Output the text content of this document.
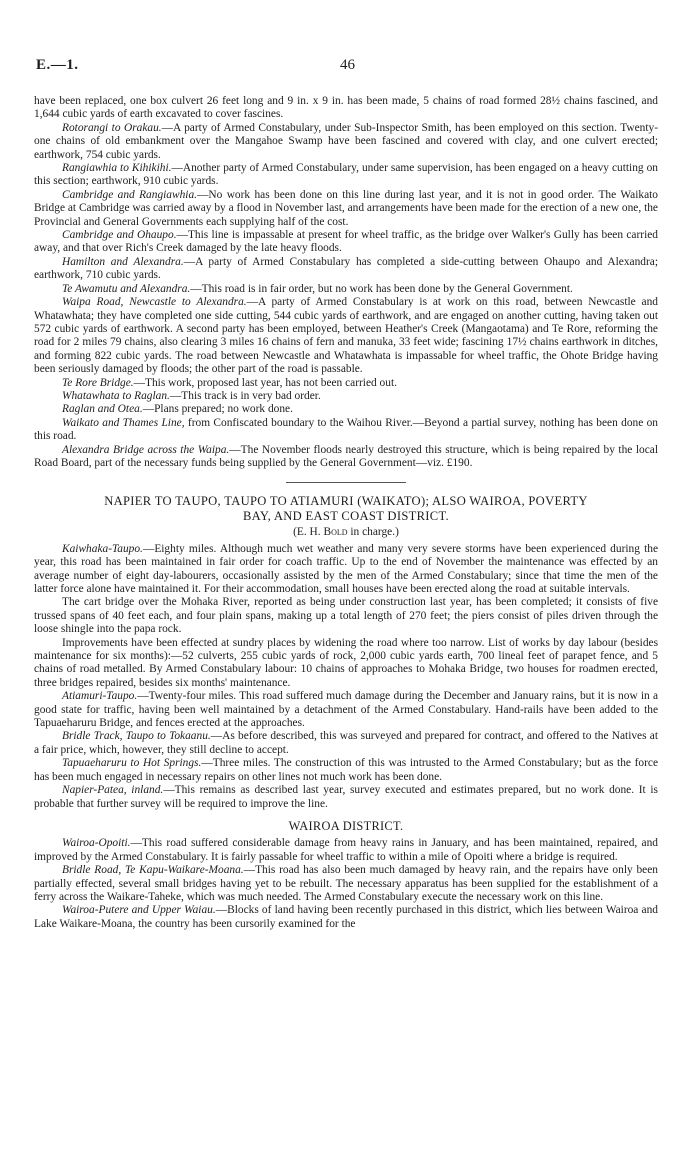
E.—1.	46

have been replaced, one box culvert 26 feet long and 9 in. x 9 in. has been made, 5 chains of road formed 28½ chains fascined, and 1,644 cubic yards of earth excavated to cover fascines.

Rotorangi to Orakau.—A party of Armed Constabulary, under Sub-Inspector Smith, has been employed on this section. Twenty-one chains of old embankment over the Mangahoe Swamp have been fascined and covered with clay, and one culvert erected; earthwork, 754 cubic yards.

Rangiawhia to Kihikihi.—Another party of Armed Constabulary, under same supervision, has been engaged on a heavy cutting on this section; earthwork, 910 cubic yards.

Cambridge and Rangiawhia.—No work has been done on this line during last year, and it is not in good order. The Waikato Bridge at Cambridge was carried away by a flood in November last, and arrangements have been made for the erection of a new one, the Provincial and General Governments each supplying half of the cost.

Cambridge and Ohaupo.—This line is impassable at present for wheel traffic, as the bridge over Walker's Gully has been carried away, and that over Rich's Creek damaged by the late heavy floods.

Hamilton and Alexandra.—A party of Armed Constabulary has completed a side-cutting between Ohaupo and Alexandra; earthwork, 710 cubic yards.

Te Awamutu and Alexandra.—This road is in fair order, but no work has been done by the General Government.

Waipa Road, Newcastle to Alexandra.—A party of Armed Constabulary is at work on this road, between Newcastle and Whatawhata; they have completed one side cutting, 544 cubic yards of earthwork, and are engaged on another cutting, having taken out 572 cubic yards of earthwork. A second party has been employed, between Heather's Creek (Mangaotama) and Te Rore, reforming the road for 2 miles 79 chains, also clearing 3 miles 16 chains of fern and manuka, 33 feet wide; fascining 17½ chains earthwork in ditches, and forming 822 cubic yards. The road between Newcastle and Whatawhata is impassable for wheel traffic, the Ohote Bridge having been seriously damaged by floods; the other part of the road is passable.

Te Rore Bridge.—This work, proposed last year, has not been carried out.

Whatawhata to Raglan.—This track is in very bad order.

Raglan and Otea.—Plans prepared; no work done.

Waikato and Thames Line, from Confiscated boundary to the Waihou River.—Beyond a partial survey, nothing has been done on this road.

Alexandra Bridge across the Waipa.—The November floods nearly destroyed this structure, which is being repaired by the local Road Board, part of the necessary funds being supplied by the General Government—viz. £190.

NAPIER TO TAUPO, TAUPO TO ATIAMURI (WAIKATO); ALSO WAIROA, POVERTY
BAY, AND EAST COAST DISTRICT.
(E. H. Bold in charge.)

Kaiwhaka-Taupo.—Eighty miles. Although much wet weather and many very severe storms have been experienced during the year, this road has been maintained in fair order for coach traffic. Up to the end of November the maintenance was effected by an average number of eight day-labourers, occasionally assisted by the men of the Armed Constabulary; since that time the men of the latter force alone have maintained it. For their accommodation, small houses have been erected along the road at suitable intervals.

The cart bridge over the Mohaka River, reported as being under construction last year, has been completed; it consists of five trussed spans of 40 feet each, and four plain spans, making up a total length of 270 feet; the piers consist of piles driven through the loose shingle into the papa rock.

Improvements have been effected at sundry places by widening the road where too narrow. List of works by day labour (besides maintenance for six months):—52 culverts, 255 cubic yards of rock, 2,000 cubic yards earth, 700 lineal feet of parapet fence, and 5 chains of road metalled. By Armed Constabulary labour: 10 chains of approaches to Mohaka Bridge, two houses for roadmen erected, three bridges repaired, besides six months' maintenance.

Atiamuri-Taupo.—Twenty-four miles. This road suffered much damage during the December and January rains, but it is now in a good state for traffic, having been well maintained by a detachment of the Armed Constabulary. Hand-rails have been added to the Tapuaeharuru Bridge, and fences erected at the approaches.

Bridle Track, Taupo to Tokaanu.—As before described, this was surveyed and prepared for contract, and offered to the Natives at a fair price, which, however, they still decline to accept.

Tapuaeharuru to Hot Springs.—Three miles. The construction of this was intrusted to the Armed Constabulary; but as the force has been much engaged in necessary repairs on other lines not much work has been done.

Napier-Patea, inland.—This remains as described last year, survey executed and estimates prepared, but no work done. It is probable that further survey will be required to improve the line.

WAIROA DISTRICT.

Wairoa-Opoiti.—This road suffered considerable damage from heavy rains in January, and has been maintained, repaired, and improved by the Armed Constabulary. It is fairly passable for wheel traffic to within a mile of Opoiti where a bridge is required.

Bridle Road, Te Kapu-Waikare-Moana.—This road has also been much damaged by heavy rain, and the repairs have only been partially effected, several small bridges having yet to be rebuilt. The necessary apparatus has been supplied for the establishment of a ferry across the Waikare-Taheke, which was much needed. The Armed Constabulary execute the necessary work on this line.

Wairoa-Putere and Upper Waiau.—Blocks of land having been recently purchased in this district, which lies between Wairoa and Lake Waikare-Moana, the country has been cursorily examined for the
